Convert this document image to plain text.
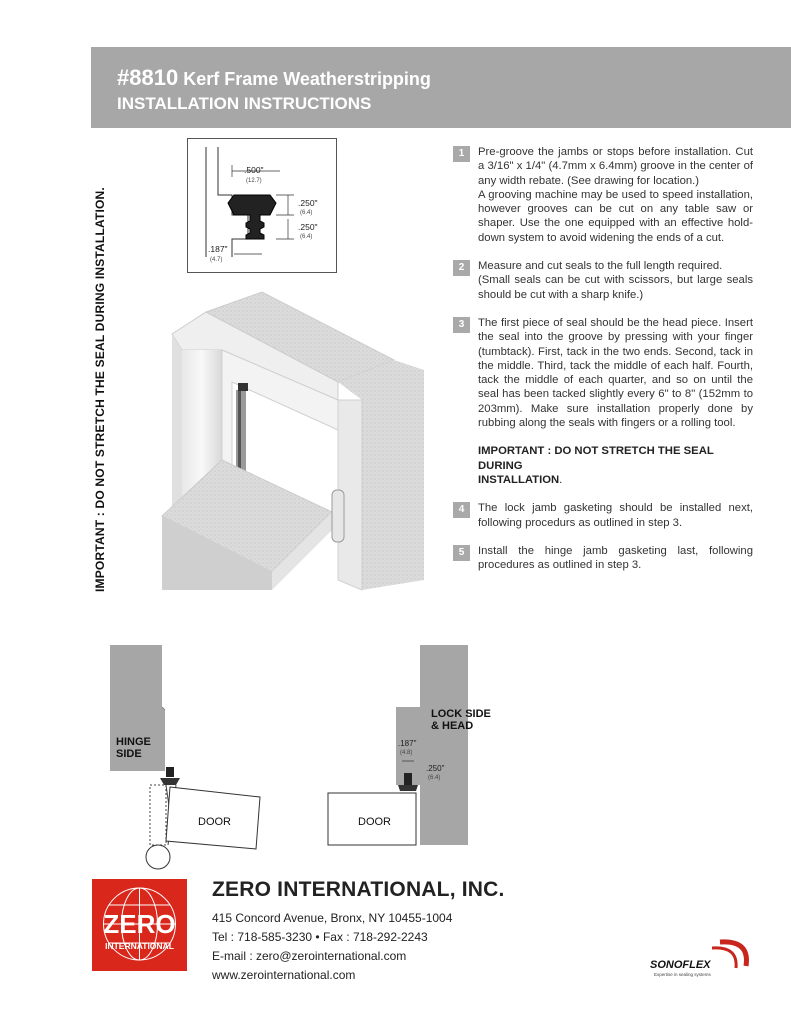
#8810 Kerf Frame Weatherstripping
INSTALLATION INSTRUCTIONS
IMPORTANT : DO NOT STRETCH THE SEAL DURING INSTALLATION.
.500"
(12.7)
.250"
(6.4)
.250"
(6.4)
.187"
(4.7)
1	Pre-groove the jambs or stops before installation. Cut a 3/16" x 1/4" (4.7mm x 6.4mm) groove in the center of any width rebate. (See drawing for location.)

A grooving machine may be used to speed installation, however grooves can be cut on any table saw or shaper. Use the one equipped with an effective hold-down system to avoid widening the ends of a cut.

2	Measure and cut seals to the full length required.

(Small seals can be cut with scissors, but large seals should be cut with a sharp knife.)

3	The first piece of seal should be the head piece. Insert the seal into the groove by pressing with your finger (tumbtack). First, tack in the two ends. Second, tack in the middle. Third, tack the middle of each half. Fourth, tack the middle of each quarter, and so on until the seal has been tacked slightly every 6" to 8" (152mm to 203mm). Make sure installation properly done by rubbing along the seals with fingers or a rolling tool.

IMPORTANT : DO NOT STRETCH THE SEAL DURING
INSTALLATION.
4	The lock jamb gasketing should be installed next, following procedurs as outlined in step 3.

5	Install the hinge jamb gasketing last, following procedures as outlined in step 3.

HINGE
SIDE
DOOR
LOCK SIDE
& HEAD
.187"
(4.8)
.250"
(6.4)
DOOR
ZERO
INTERNATIONAL
ZERO INTERNATIONAL, INC.
415 Concord Avenue, Bronx, NY 10455-1004
Tel : 718-585-3230 • Fax : 718-292-2243
E-mail : zero@zerointernational.com
www.zerointernational.com
SONOFLEX
Expertise in sealing systems
